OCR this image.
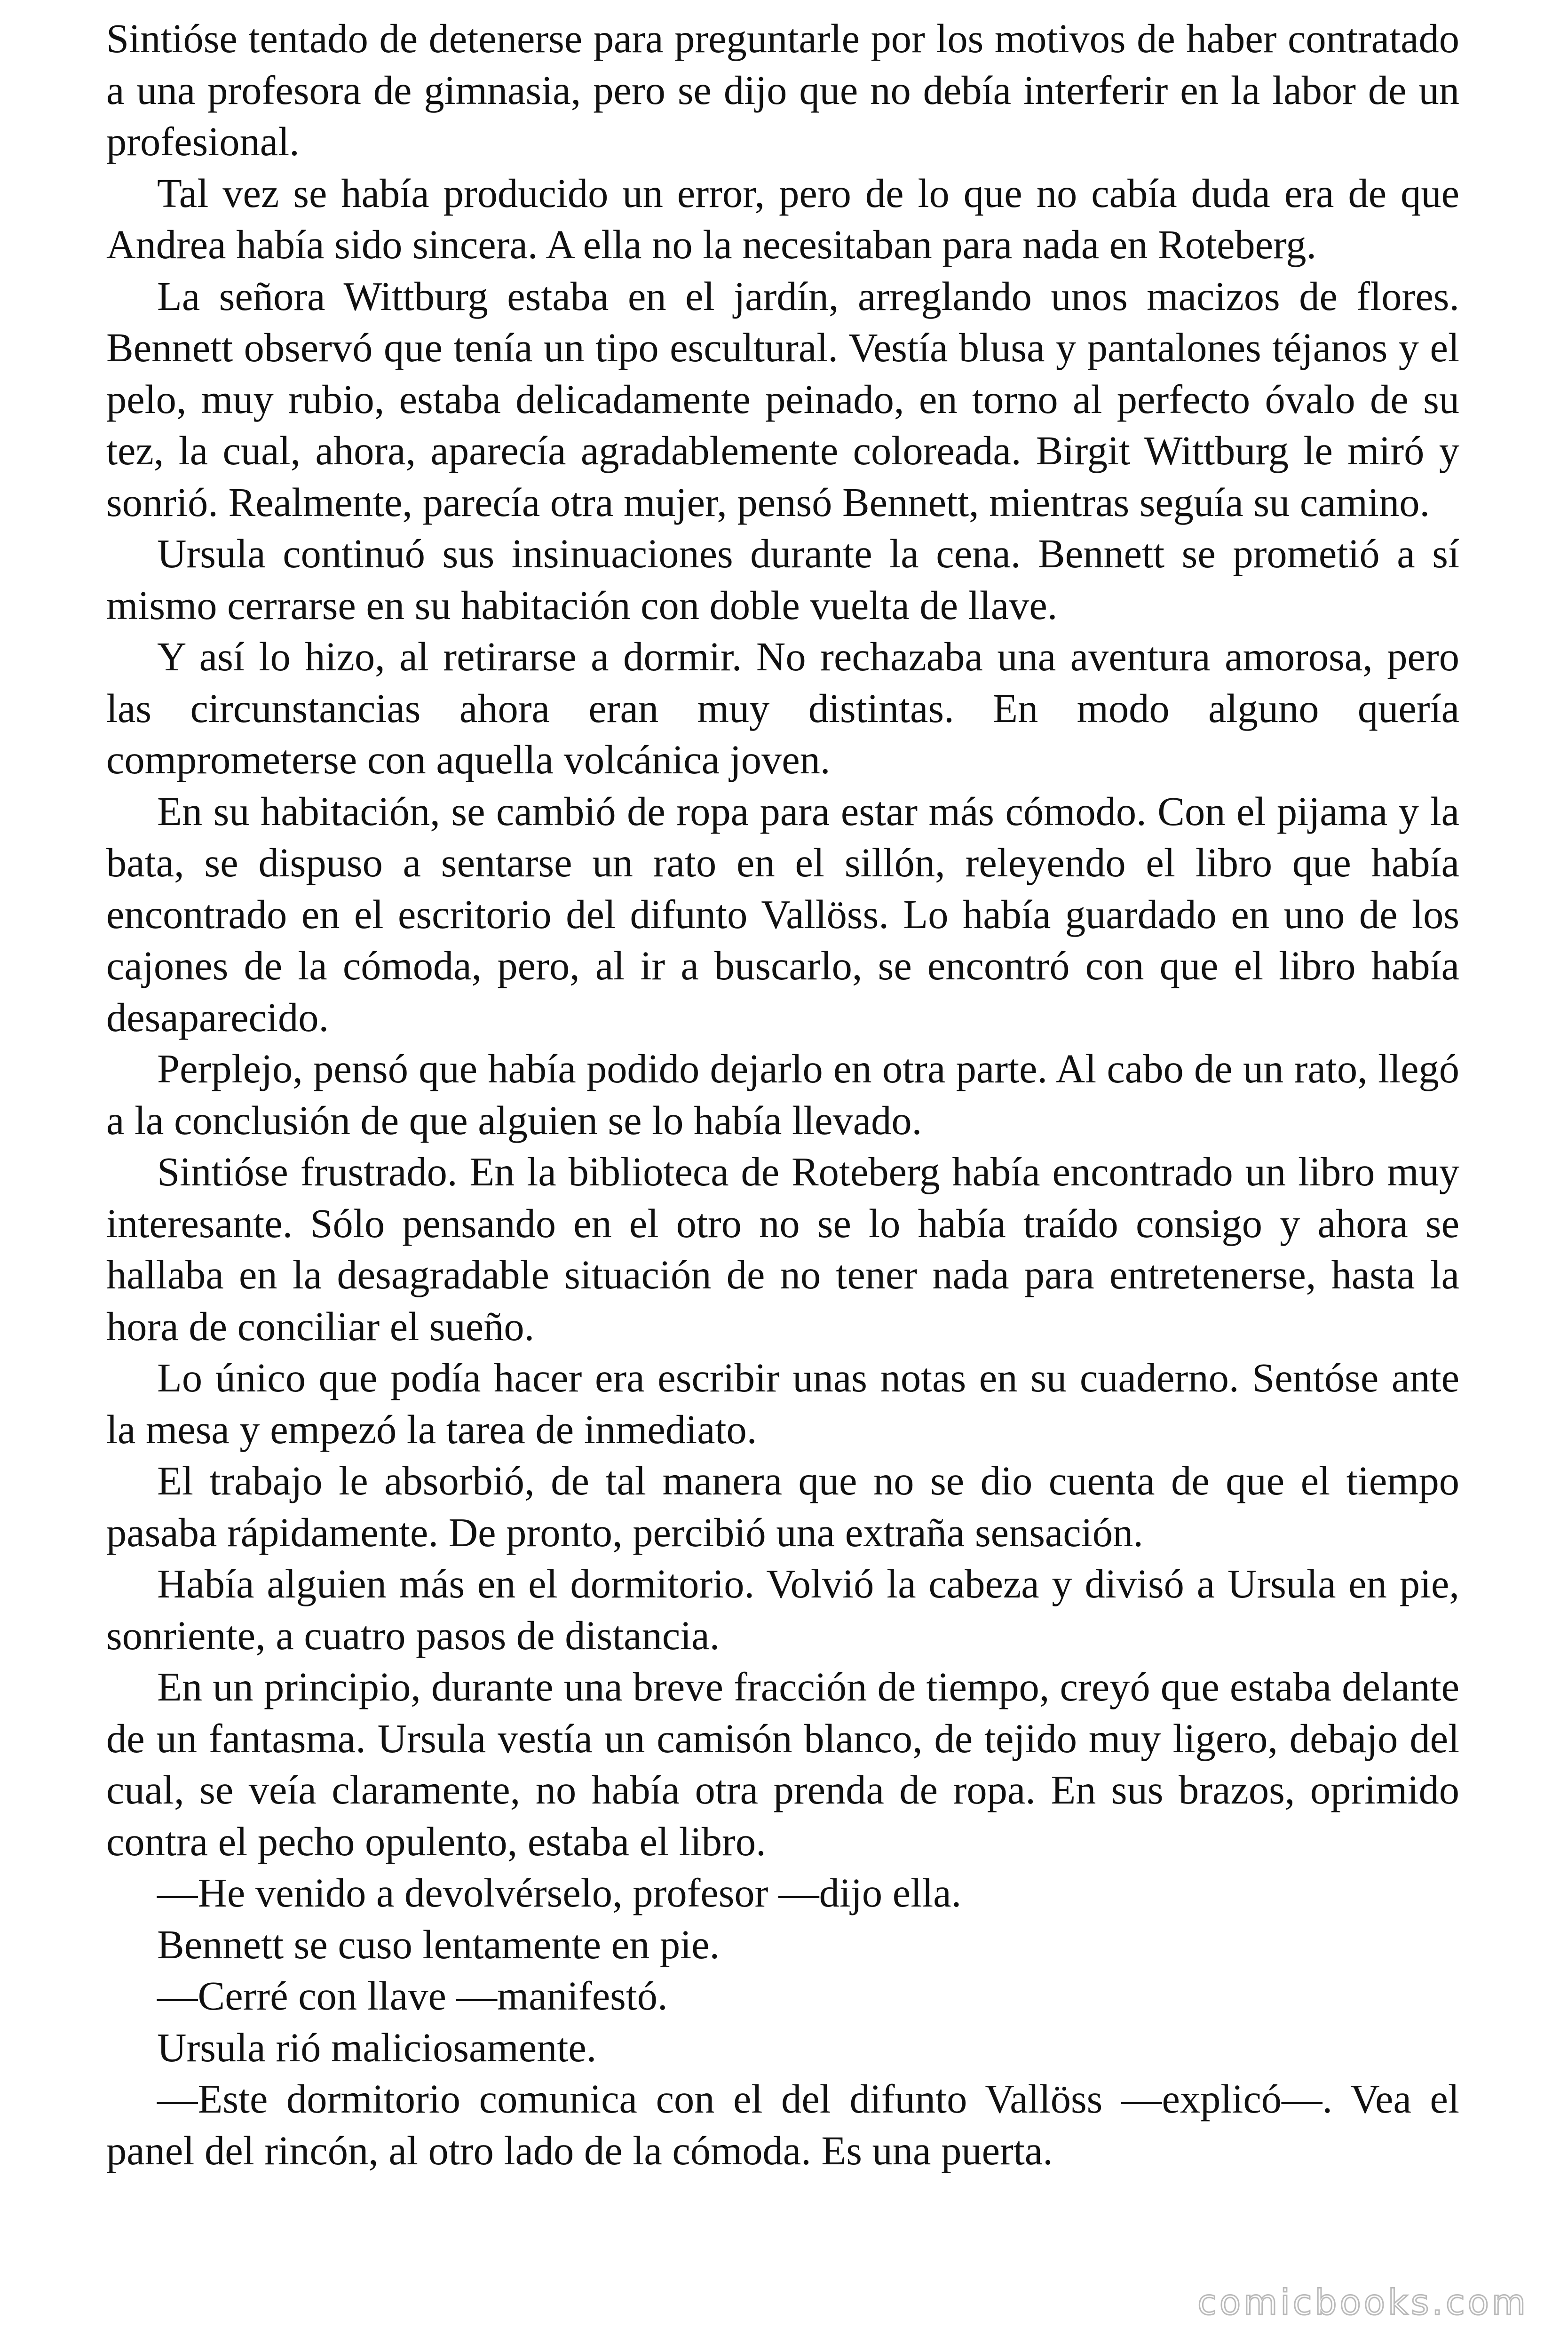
Sintióse tentado de detenerse para preguntarle por los motivos de haber contratado a una profesora de gimnasia, pero se dijo que no debía interferir en la labor de un profesional.

Tal vez se había producido un error, pero de lo que no cabía duda era de que Andrea había sido sincera. A ella no la necesitaban para nada en Roteberg.

La señora Wittburg estaba en el jardín, arreglando unos macizos de flores. Bennett observó que tenía un tipo escultural. Vestía blusa y pantalones téjanos y el pelo, muy rubio, estaba delicadamente peinado, en torno al perfecto óvalo de su tez, la cual, ahora, aparecía agradablemente coloreada. Birgit Wittburg le miró y sonrió. Realmente, parecía otra mujer, pensó Bennett, mientras seguía su camino.

Ursula continuó sus insinuaciones durante la cena. Bennett se prometió a sí mismo cerrarse en su habitación con doble vuelta de llave.

Y así lo hizo, al retirarse a dormir. No rechazaba una aventura amorosa, pero las circunstancias ahora eran muy distintas. En modo alguno quería comprometerse con aquella volcánica joven.

En su habitación, se cambió de ropa para estar más cómodo. Con el pijama y la bata, se dispuso a sentarse un rato en el sillón, releyendo el libro que había encontrado en el escritorio del difunto Vallöss. Lo había guardado en uno de los cajones de la cómoda, pero, al ir a buscarlo, se encontró con que el libro había desaparecido.

Perplejo, pensó que había podido dejarlo en otra parte. Al cabo de un rato, llegó a la conclusión de que alguien se lo había llevado.

Sintióse frustrado. En la biblioteca de Roteberg había encontrado un libro muy interesante. Sólo pensando en el otro no se lo había traído consigo y ahora se hallaba en la desagradable situación de no tener nada para entretenerse, hasta la hora de conciliar el sueño.

Lo único que podía hacer era escribir unas notas en su cuaderno. Sentóse ante la mesa y empezó la tarea de inmediato.

El trabajo le absorbió, de tal manera que no se dio cuenta de que el tiempo pasaba rápidamente. De pronto, percibió una extraña sensación.

Había alguien más en el dormitorio. Volvió la cabeza y divisó a Ursula en pie, sonriente, a cuatro pasos de distancia.

En un principio, durante una breve fracción de tiempo, creyó que estaba delante de un fantasma. Ursula vestía un camisón blanco, de tejido muy ligero, debajo del cual, se veía claramente, no había otra prenda de ropa. En sus brazos, oprimido contra el pecho opulento, estaba el libro.

—He venido a devolvérselo, profesor —dijo ella.

Bennett se cuso lentamente en pie.

—Cerré con llave —manifestó.

Ursula rió maliciosamente.

—Este dormitorio comunica con el del difunto Vallöss —explicó—. Vea el panel del rincón, al otro lado de la cómoda. Es una puerta.

comicbooks.com
